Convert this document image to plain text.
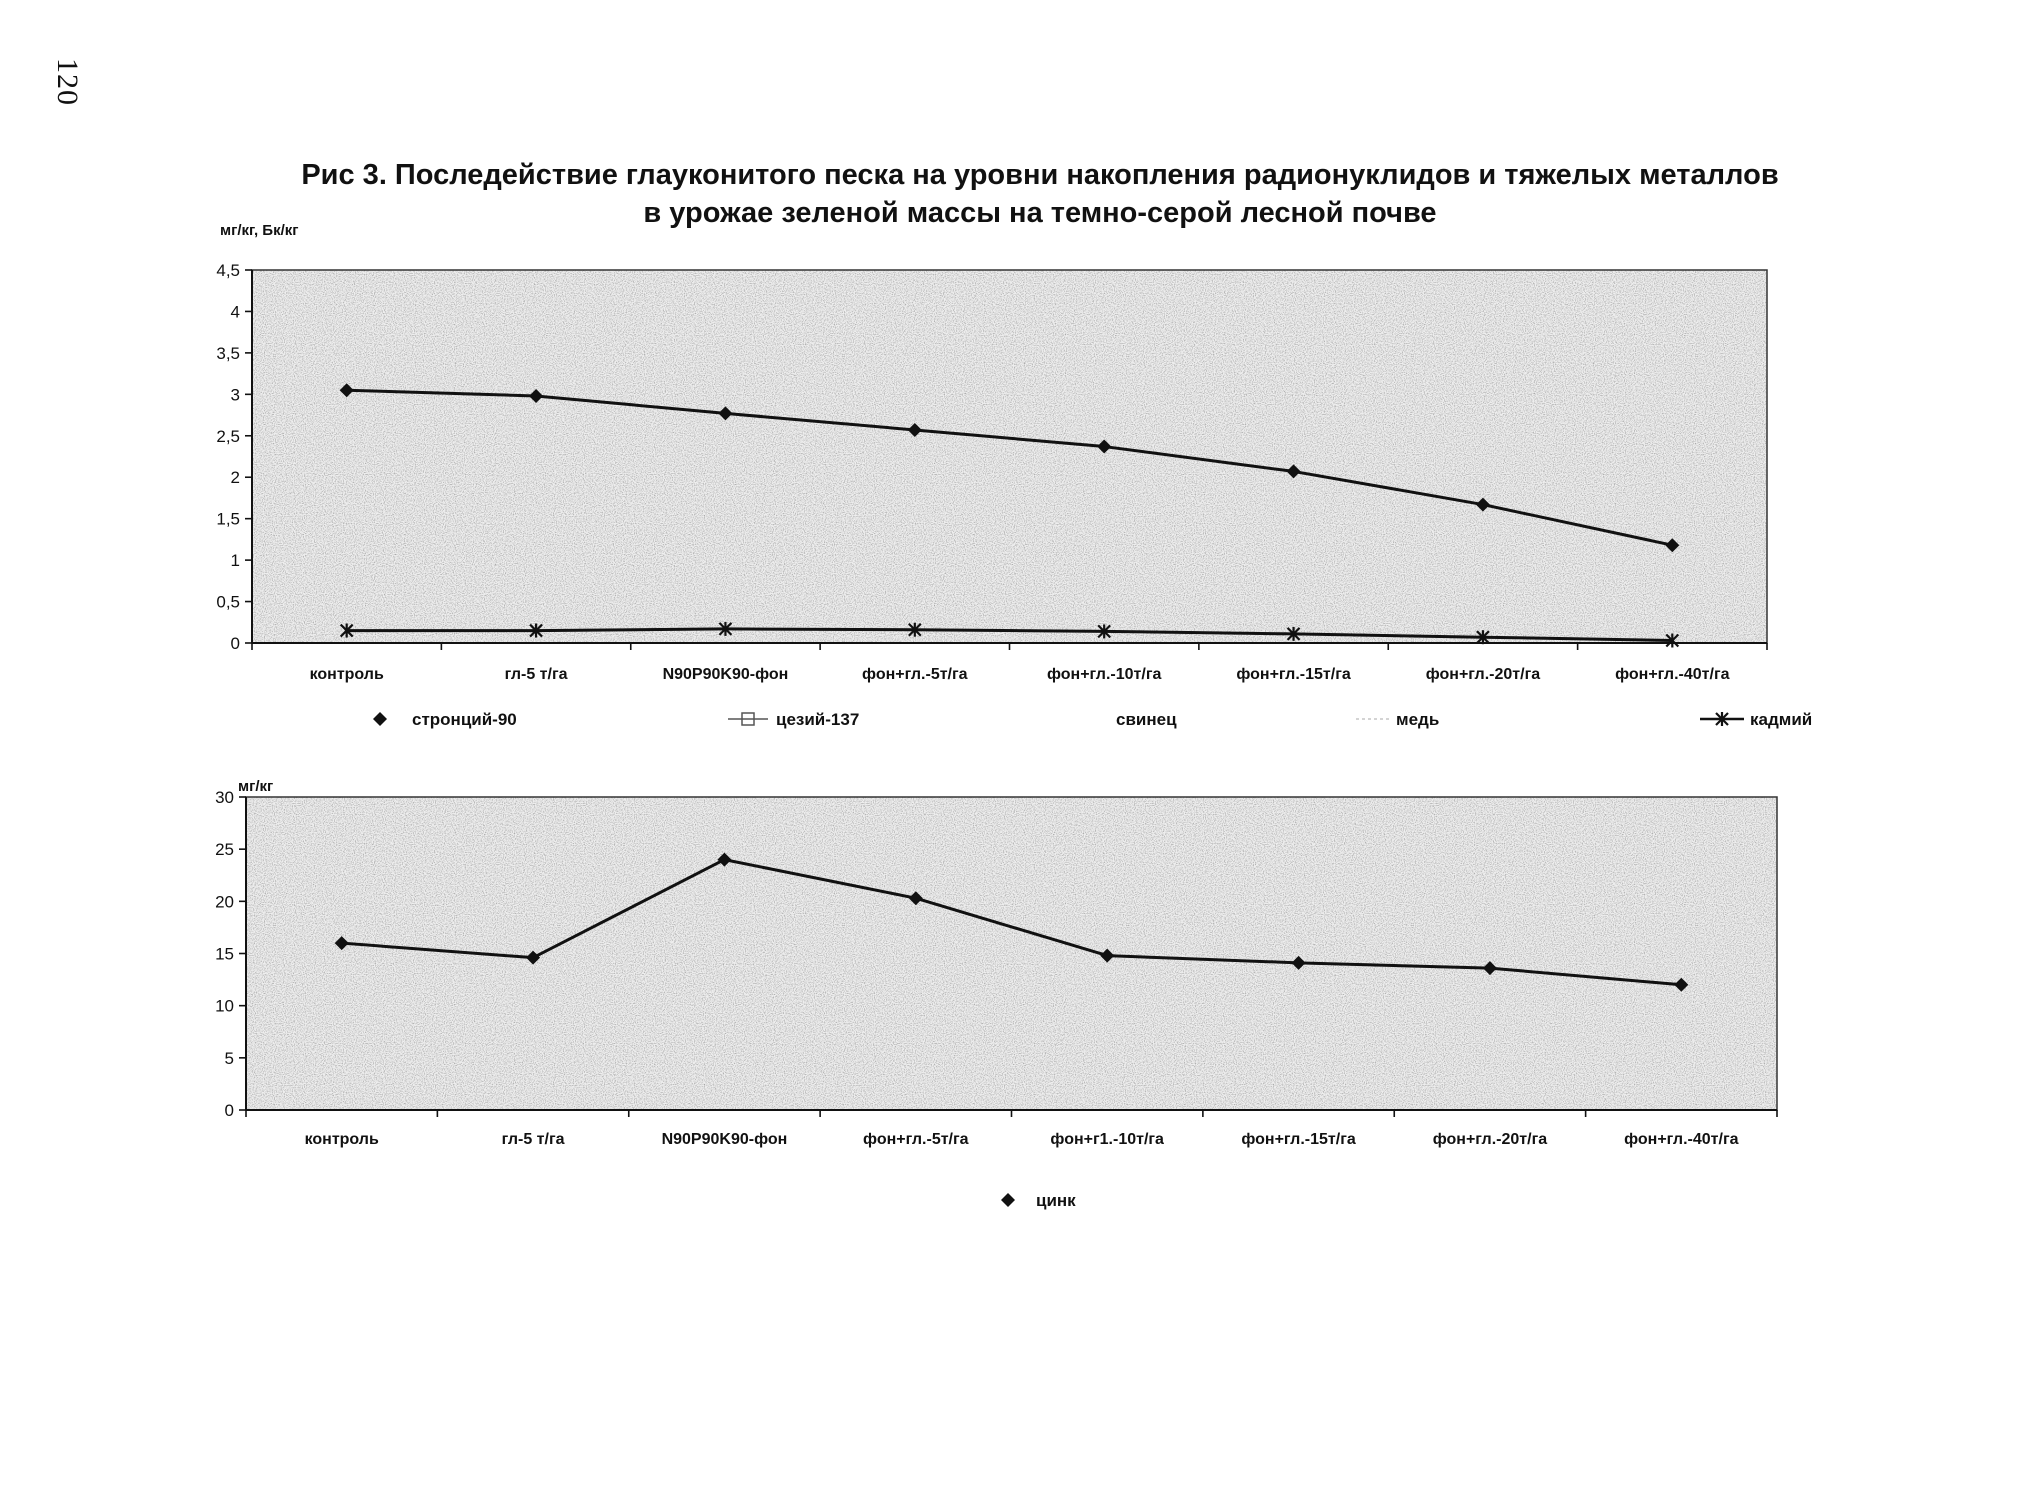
120
Рис 3. Последействие глауконитого песка на уровни накопления радионуклидов и тяжелых металлов
в урожае зеленой массы на темно-серой лесной почве
мг/кг, Бк/кг
мг/кг
0
0,5
1
1,5
2
2,5
3
3,5
4
4,5
контроль	гл-5 т/га	N90P90K90-фон	фон+гл.-5т/га	фон+гл.-10т/га	фон+гл.-15т/га	фон+гл.-20т/га	фон+гл.-40т/га
стронций-90	цезий-137	свинец	медь	кадмий
0
5
10
15
20
25
30
контроль	гл-5 т/га	N90P90K90-фон	фон+гл.-5т/га	фон+г1.-10т/га	фон+гл.-15т/га	фон+гл.-20т/га	фон+гл.-40т/га
цинк
